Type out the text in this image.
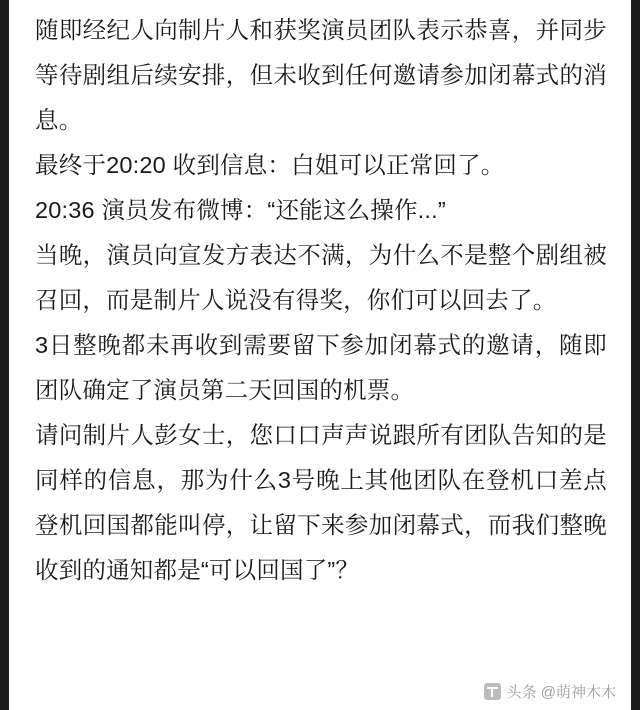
随即经纪人向制片人和获奖演员团队表示恭喜，并同步等待剧组后续安排，但未收到任何邀请参加闭幕式的消息。

最终于20:20 收到信息：白姐可以正常回了。

20:36 演员发布微博：“还能这么操作...”

当晚，演员向宣发方表达不满，为什么不是整个剧组被召回，而是制片人说没有得奖，你们可以回去了。

3日整晚都未再收到需要留下参加闭幕式的邀请，随即团队确定了演员第二天回国的机票。

请问制片人彭女士，您口口声声说跟所有团队告知的是同样的信息，那为什么3号晚上其他团队在登机口差点登机回国都能叫停，让留下来参加闭幕式，而我们整晚收到的通知都是“可以回国了”？

头条 @萌神木木
